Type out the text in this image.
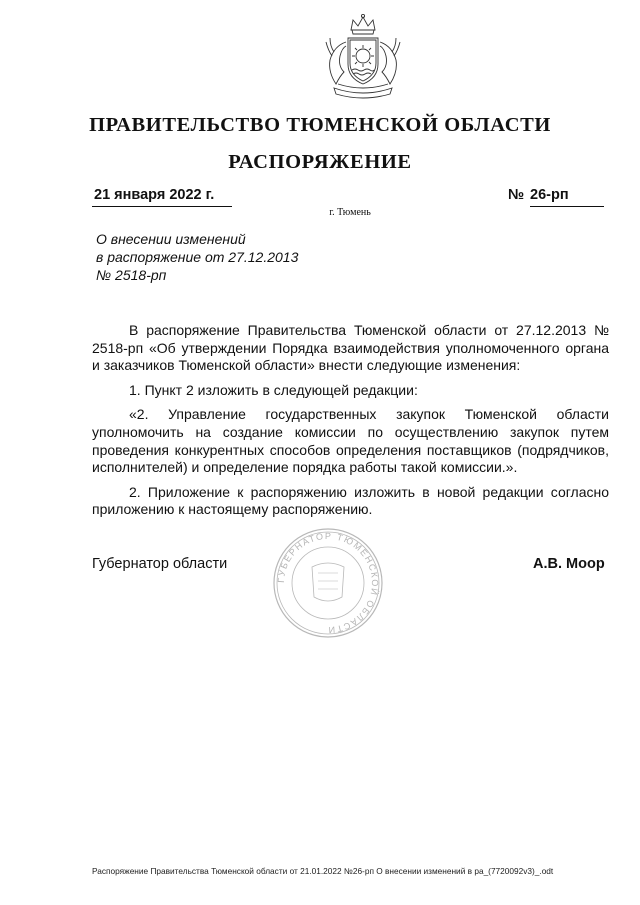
ПРАВИТЕЛЬСТВО ТЮМЕНСКОЙ ОБЛАСТИ
РАСПОРЯЖЕНИЕ
21 января 2022 г.	№ 26-рп
г. Тюмень
О внесении изменений
в распоряжение от 27.12.2013
№ 2518-рп

В распоряжение Правительства Тюменской области от 27.12.2013 № 2518-рп «Об утверждении Порядка взаимодействия уполномоченного органа и заказчиков Тюменской области» внести следующие изменения:

1. Пункт 2 изложить в следующей редакции:

«2. Управление государственных закупок Тюменской области уполномочить на создание комиссии по осуществлению закупок путем проведения конкурентных способов определения поставщиков (подрядчиков, исполнителей) и определение порядка работы такой комиссии.».

2. Приложение к распоряжению изложить в новой редакции согласно приложению к настоящему распоряжению.

ГУБЕРНАТОР ТЮМЕНСКОЙ ОБЛАСТИ
Губернатор области	А.В. Моор
Распоряжение Правительства Тюменской области от 21.01.2022 №26-рп О внесении изменений в ра_(7720092v3)_.odt
